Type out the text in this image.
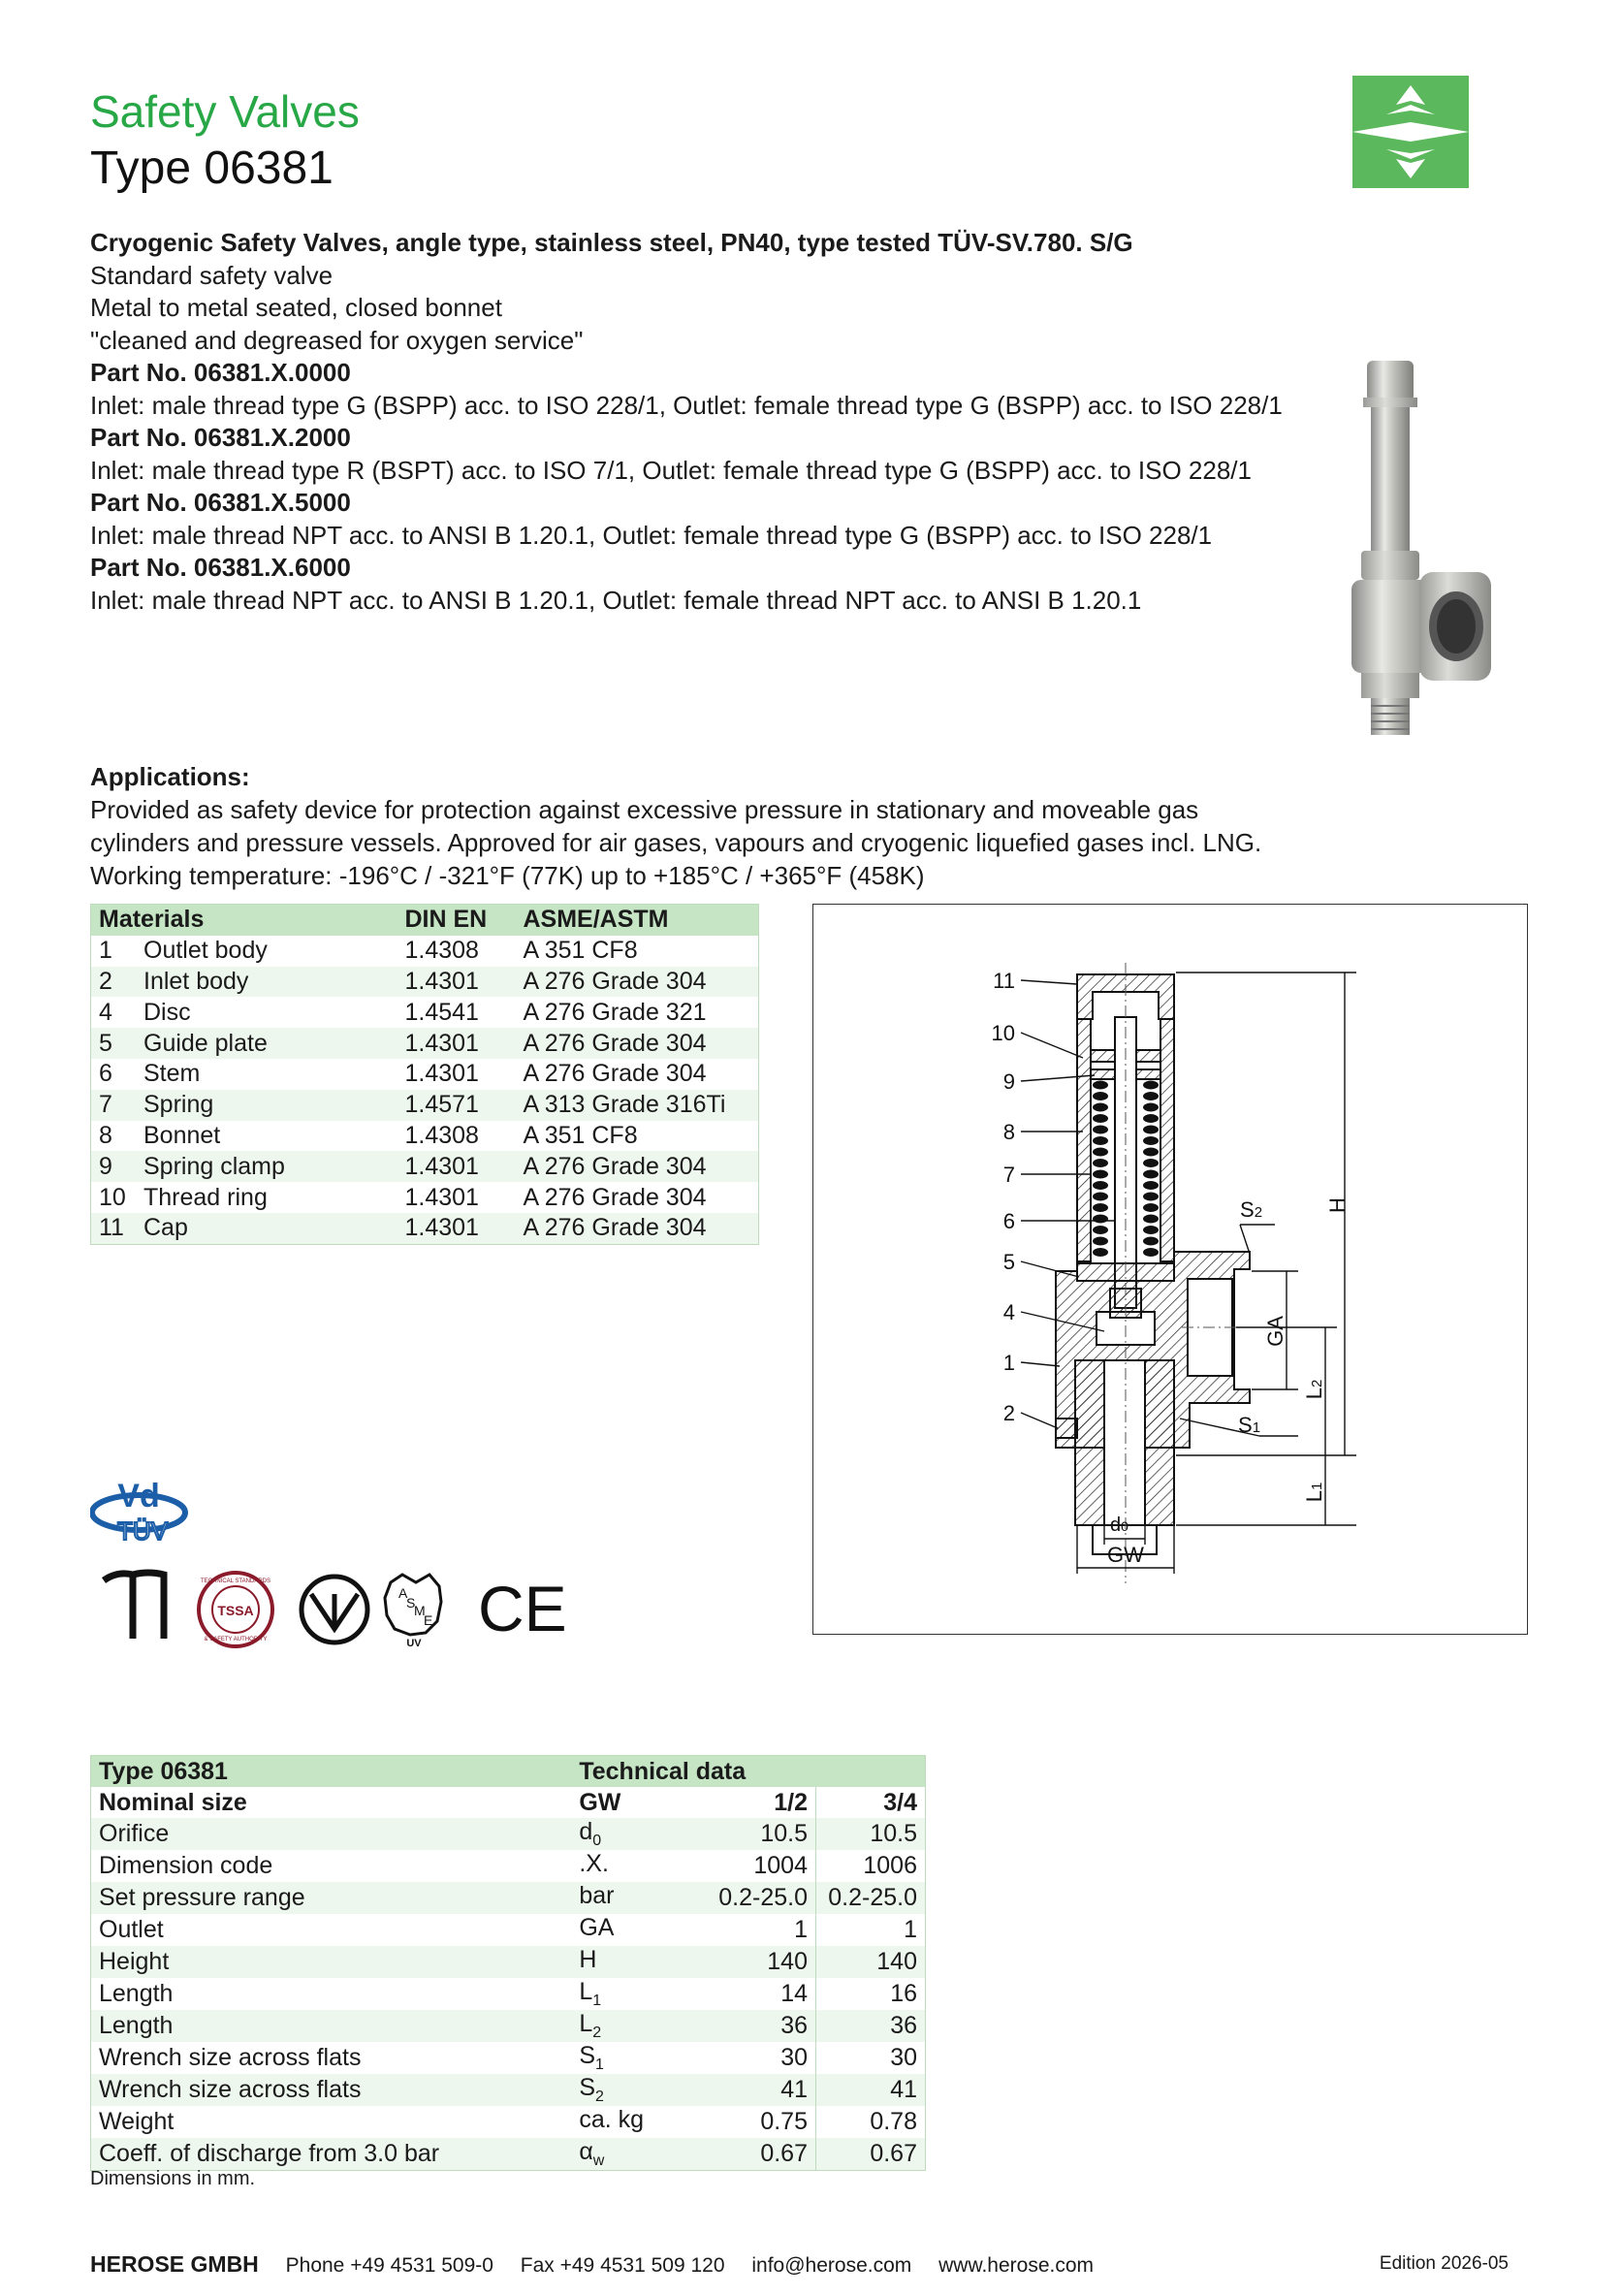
Safety Valves
Type 06381
Cryogenic Safety Valves, angle type, stainless steel, PN40, type tested TÜV-SV.780. S/G
Standard safety valve
Metal to metal seated, closed bonnet
"cleaned and degreased for oxygen service"
Part No. 06381.X.0000
Inlet: male thread type G (BSPP) acc. to ISO 228/1, Outlet: female thread type G (BSPP) acc. to ISO 228/1
Part No. 06381.X.2000
Inlet: male thread type R (BSPT) acc. to ISO 7/1, Outlet: female thread type G (BSPP) acc. to ISO 228/1
Part No. 06381.X.5000
Inlet: male thread NPT acc. to ANSI B 1.20.1, Outlet: female thread type G (BSPP) acc. to ISO 228/1
Part No. 06381.X.6000
Inlet: male thread NPT acc. to ANSI B 1.20.1, Outlet: female thread NPT acc. to ANSI B 1.20.1
Applications:
Provided as safety device for protection against excessive pressure in stationary and moveable gas
cylinders and pressure vessels. Approved for air gases, vapours and cryogenic liquefied gases incl. LNG.
Working temperature: -196°C / -321°F (77K) up to +185°C / +365°F (458K)
Materials		DIN EN	ASME/ASTM
1	Outlet body	1.4308	A 351 CF8
2	Inlet body	1.4301	A 276 Grade 304
4	Disc	1.4541	A 276 Grade 321
5	Guide plate	1.4301	A 276 Grade 304
6	Stem	1.4301	A 276 Grade 304
7	Spring	1.4571	A 313 Grade 316Ti
8	Bonnet	1.4308	A 351 CF8
9	Spring clamp	1.4301	A 276 Grade 304
10	Thread ring	1.4301	A 276 Grade 304
11	Cap	1.4301	A 276 Grade 304
11
10
9
8
7
6
5
4
1
2
H
GA
L2
L1
S2
S1
d0
GW
Vd
TÜV
TSSA
TECHNICAL STANDARDS
& SAFETY AUTHORITY
A
S
M
E
UV CE
Type 06381	Technical data		
Nominal size	GW	1/2	3/4
Orifice	$d_0$	10.5	10.5
Dimension code	.X.	1004	1006
Set pressure range	bar	0.2-25.0	0.2-25.0
Outlet	GA	1	1
Height	H	140	140
Length	$L_1$	14	16
Length	$L_2$	36	36
Wrench size across flats	$S_1$	30	30
Wrench size across flats	$S_2$	41	41
Weight	ca. kg	0.75	0.78
Coeff. of discharge from 3.0 bar	$\alpha_w$	0.67	0.67
Dimensions in mm.
HEROSE GMBH Phone +49 4531 509-0 Fax +49 4531 509 120 info@herose.com www.herose.com	Edition 2026-05
